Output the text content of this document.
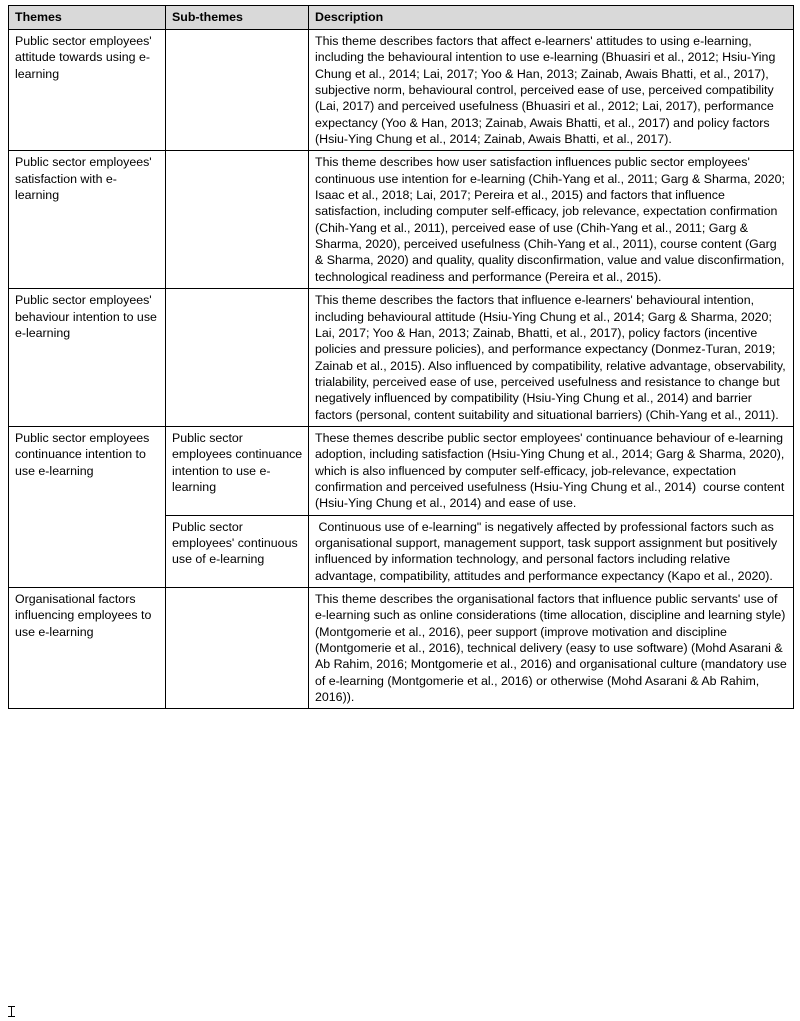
Themes	Sub-themes	Description
Public sector employees' attitude towards using e-learning		This theme describes factors that affect e-learners' attitudes to using e-learning, including the behavioural intention to use e-learning (Bhuasiri et al., 2012; Hsiu-Ying Chung et al., 2014; Lai, 2017; Yoo & Han, 2013; Zainab, Awais Bhatti, et al., 2017), subjective norm, behavioural control, perceived ease of use, perceived compatibility (Lai, 2017) and perceived usefulness (Bhuasiri et al., 2012; Lai, 2017), performance expectancy (Yoo & Han, 2013; Zainab, Awais Bhatti, et al., 2017) and policy factors (Hsiu-Ying Chung et al., 2014; Zainab, Awais Bhatti, et al., 2017).
Public sector employees' satisfaction with e-learning		This theme describes how user satisfaction influences public sector employees' continuous use intention for e-learning (Chih-Yang et al., 2011; Garg & Sharma, 2020; Isaac et al., 2018; Lai, 2017; Pereira et al., 2015) and factors that influence satisfaction, including computer self-efficacy, job relevance, expectation confirmation (Chih-Yang et al., 2011), perceived ease of use (Chih-Yang et al., 2011; Garg & Sharma, 2020), perceived usefulness (Chih-Yang et al., 2011), course content (Garg & Sharma, 2020) and quality, quality disconfirmation, value and value disconfirmation, technological readiness and performance (Pereira et al., 2015).
Public sector employees' behaviour intention to use e-learning		This theme describes the factors that influence e-learners' behavioural intention, including behavioural attitude (Hsiu-Ying Chung et al., 2014; Garg & Sharma, 2020; Lai, 2017; Yoo & Han, 2013; Zainab, Bhatti, et al., 2017), policy factors (incentive policies and pressure policies), and performance expectancy (Donmez-Turan, 2019; Zainab et al., 2015). Also influenced by compatibility, relative advantage, observability, trialability, perceived ease of use, perceived usefulness and resistance to change but negatively influenced by compatibility (Hsiu-Ying Chung et al., 2014) and barrier factors (personal, content suitability and situational barriers) (Chih-Yang et al., 2011).
Public sector employees continuance intention to use e-learning	Public sector employees continuance intention to use e-learning	These themes describe public sector employees' continuance behaviour of e-learning adoption, including satisfaction (Hsiu-Ying Chung et al., 2014; Garg & Sharma, 2020), which is also influenced by computer self-efficacy, job-relevance, expectation confirmation and perceived usefulness (Hsiu-Ying Chung et al., 2014)  course content (Hsiu-Ying Chung et al., 2014) and ease of use.
	Public sector employees' continuous use of e-learning	Continuous use of e-learning" is negatively affected by professional factors such as organisational support, management support, task support assignment but positively influenced by information technology, and personal factors including relative advantage, compatibility, attitudes and performance expectancy (Kapo et al., 2020).
Organisational factors influencing employees to use e-learning		This theme describes the organisational factors that influence public servants' use of e-learning such as online considerations (time allocation, discipline and learning style) (Montgomerie et al., 2016), peer support (improve motivation and discipline (Montgomerie et al., 2016), technical delivery (easy to use software) (Mohd Asarani & Ab Rahim, 2016; Montgomerie et al., 2016) and organisational culture (mandatory use of e-learning (Montgomerie et al., 2016) or otherwise (Mohd Asarani & Ab Rahim, 2016)).
